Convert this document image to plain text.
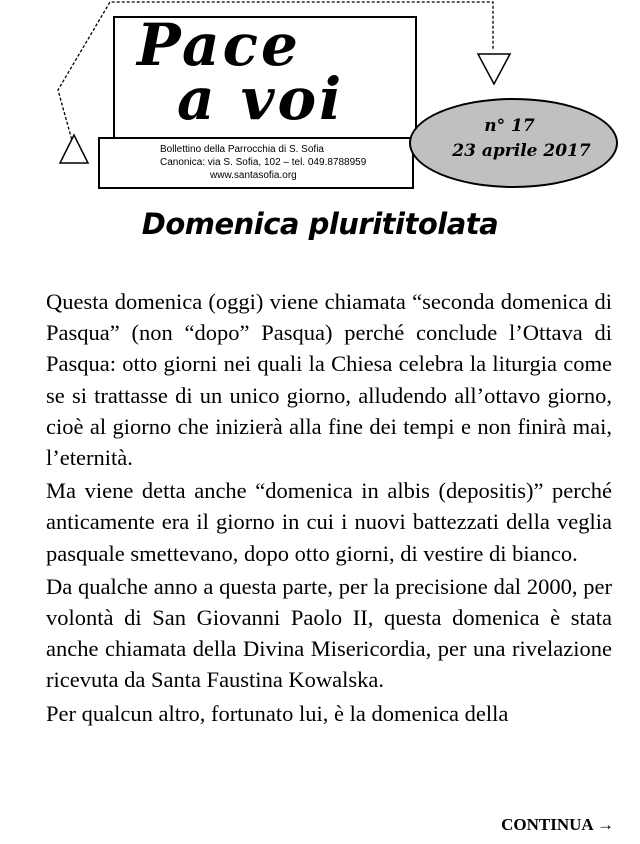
Pace
a voi
Bollettino della Parrocchia di S. Sofia
Canonica: via S. Sofia, 102 – tel. 049.8788959
www.santasofia.org
n° 17
23 aprile 2017
Domenica plurititolata

Questa domenica (oggi) viene chiamata “seconda domenica di Pasqua” (non “dopo” Pasqua) perché conclude l’Ottava di Pasqua: otto giorni nei quali la Chiesa celebra la liturgia come se si trattasse di un unico giorno, alludendo all’ottavo giorno, cioè al giorno che inizierà alla fine dei tempi e non finirà mai, l’eternità.

Ma viene detta anche “domenica in albis (depositis)” perché anticamente era il giorno in cui i nuovi battezzati della veglia pasquale smettevano, dopo otto giorni, di vestire di bianco.

Da qualche anno a questa parte, per la precisione dal 2000, per volontà di San Giovanni Paolo II, questa domenica è stata anche chiamata della Divina Misericordia, per una rivelazione ricevuta da Santa Faustina Kowalska.

Per qualcun altro, fortunato lui, è la domenica della

CONTINUA →
